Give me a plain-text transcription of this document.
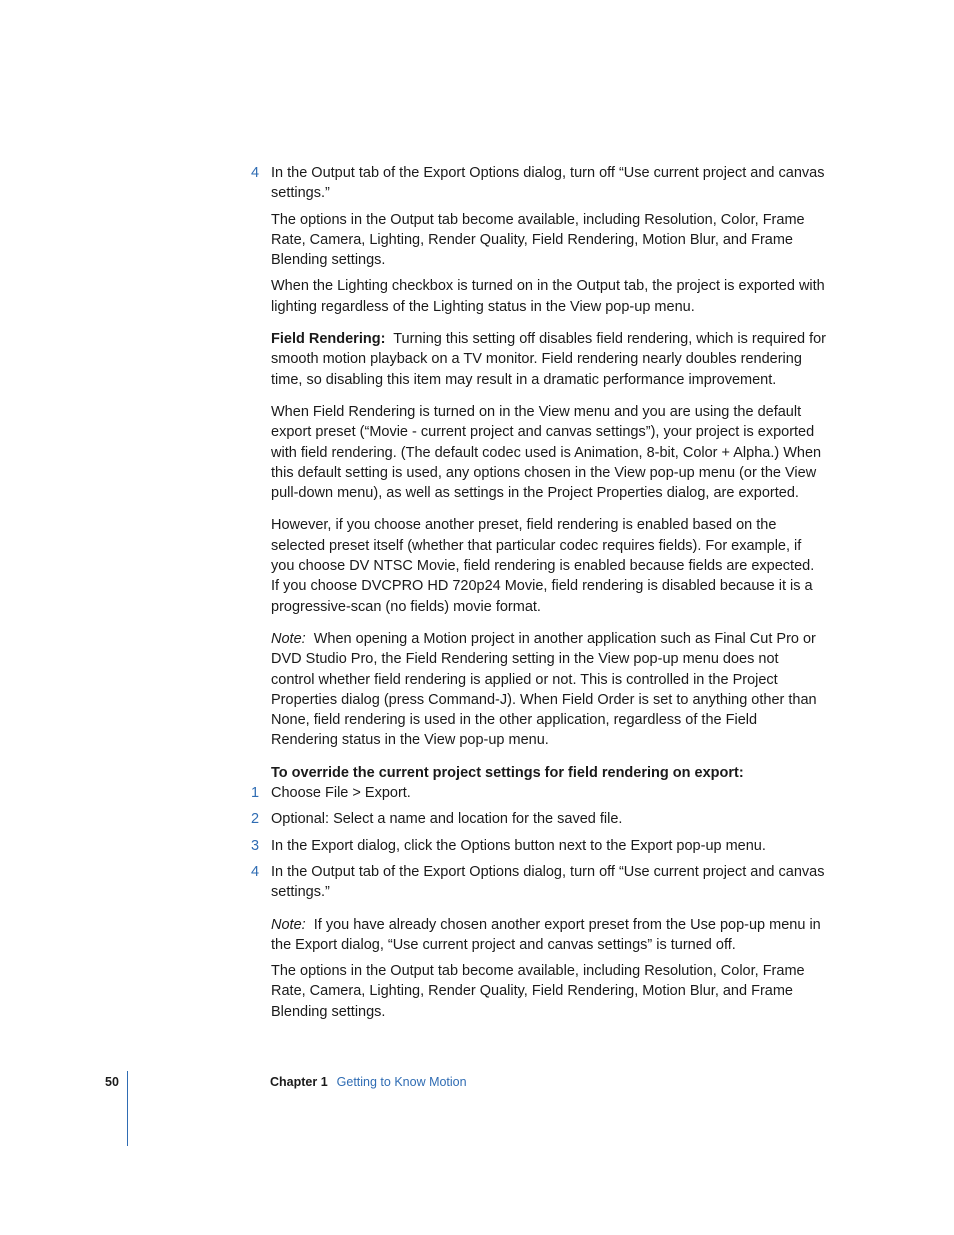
4 In the Output tab of the Export Options dialog, turn off “Use current project and canvas settings.”
The options in the Output tab become available, including Resolution, Color, Frame Rate, Camera, Lighting, Render Quality, Field Rendering, Motion Blur, and Frame Blending settings.
When the Lighting checkbox is turned on in the Output tab, the project is exported with lighting regardless of the Lighting status in the View pop-up menu.
Field Rendering: Turning this setting off disables field rendering, which is required for smooth motion playback on a TV monitor. Field rendering nearly doubles rendering time, so disabling this item may result in a dramatic performance improvement.
When Field Rendering is turned on in the View menu and you are using the default export preset (“Movie - current project and canvas settings”), your project is exported with field rendering. (The default codec used is Animation, 8-bit, Color + Alpha.) When this default setting is used, any options chosen in the View pop-up menu (or the View pull-down menu), as well as settings in the Project Properties dialog, are exported.
However, if you choose another preset, field rendering is enabled based on the selected preset itself (whether that particular codec requires fields). For example, if you choose DV NTSC Movie, field rendering is enabled because fields are expected. If you choose DVCPRO HD 720p24 Movie, field rendering is disabled because it is a progressive-scan (no fields) movie format.
Note: When opening a Motion project in another application such as Final Cut Pro or DVD Studio Pro, the Field Rendering setting in the View pop-up menu does not control whether field rendering is applied or not. This is controlled in the Project Properties dialog (press Command-J). When Field Order is set to anything other than None, field rendering is used in the other application, regardless of the Field Rendering status in the View pop-up menu.
To override the current project settings for field rendering on export:
1 Choose File > Export.
2 Optional: Select a name and location for the saved file.
3 In the Export dialog, click the Options button next to the Export pop-up menu.
4 In the Output tab of the Export Options dialog, turn off “Use current project and canvas settings.”
Note: If you have already chosen another export preset from the Use pop-up menu in the Export dialog, “Use current project and canvas settings” is turned off.
The options in the Output tab become available, including Resolution, Color, Frame Rate, Camera, Lighting, Render Quality, Field Rendering, Motion Blur, and Frame Blending settings.
50	Chapter 1 Getting to Know Motion
